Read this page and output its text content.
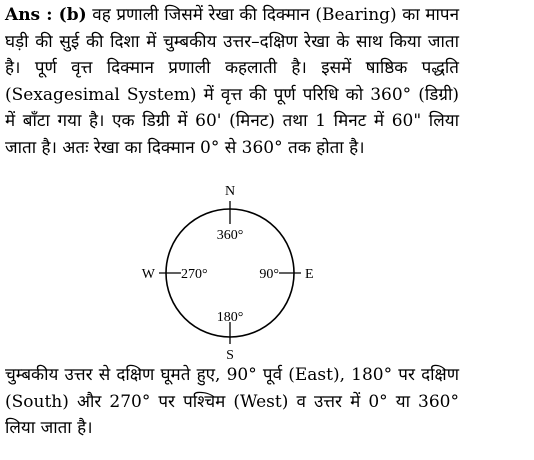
Ans : (b) वह प्रणाली जिसमें रेखा की दिक्मान (Bearing) का मापन घड़ी की सुई की दिशा में चुम्बकीय उत्तर–दक्षिण रेखा के साथ किया जाता है। पूर्ण वृत्त दिक्मान प्रणाली कहलाती है। इसमें षाष्ठिक पद्धति (Sexagesimal System) में वृत्त की पूर्ण परिधि को 360° (डिग्री) में बाँटा गया है। एक डिग्री में 60' (मिनट) तथा 1 मिनट में 60" लिया जाता है। अतः रेखा का दिक्मान 0° से 360° तक होता है।
N
S
W	E
360°
180°
270°	90°
चुम्बकीय उत्तर से दक्षिण घूमते हुए, 90° पूर्व (East), 180° पर दक्षिण (South) और 270° पर पश्चिम (West) व उत्तर में 0° या 360° लिया जाता है।
